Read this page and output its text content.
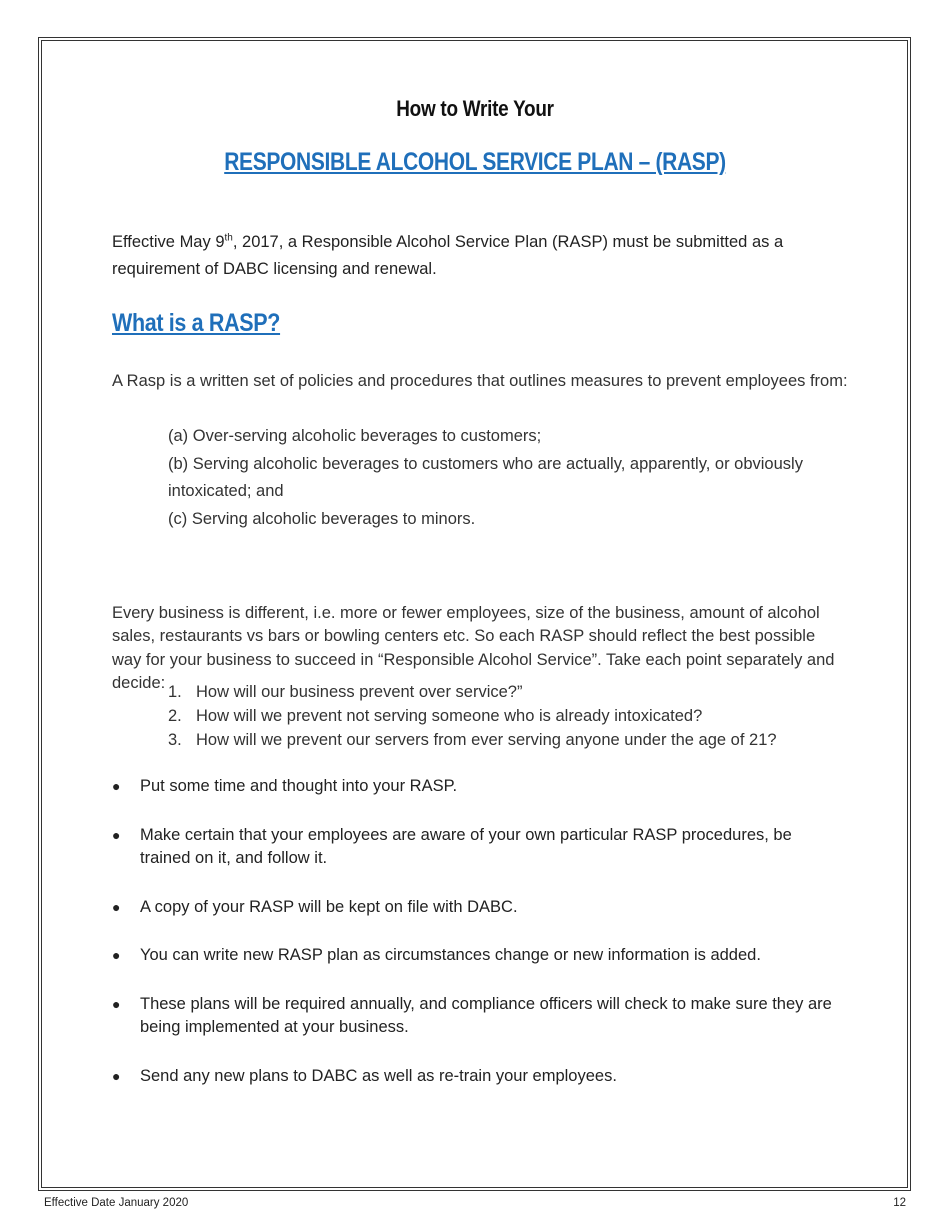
How to Write Your
RESPONSIBLE ALCOHOL SERVICE PLAN – (RASP)

Effective May 9th, 2017, a Responsible Alcohol Service Plan (RASP) must be submitted as a requirement of DABC licensing and renewal.

What is a RASP?

A Rasp is a written set of policies and procedures that outlines measures to prevent employees from:

(a) Over-serving alcoholic beverages to customers;
(b) Serving alcoholic beverages to customers who are actually, apparently, or obviously intoxicated; and
(c) Serving alcoholic beverages to minors.

Every business is different, i.e. more or fewer employees, size of the business, amount of alcohol sales, restaurants vs bars or bowling centers etc. So each RASP should reflect the best possible way for your business to succeed in “Responsible Alcohol Service”. Take each point separately and decide: 1. How will our business prevent over service?”
2. How will we prevent not serving someone who is already intoxicated?
3. How will we prevent our servers from ever serving anyone under the age of 21?
●	Put some time and thought into your RASP.
●	Make certain that your employees are aware of your own particular RASP procedures, be trained on it, and follow it.
●	A copy of your RASP will be kept on file with DABC.
●	You can write new RASP plan as circumstances change or new information is added.
●	These plans will be required annually, and compliance officers will check to make sure they are being implemented at your business.
●	Send any new plans to DABC as well as re-train your employees.
Effective Date January 2020	12
